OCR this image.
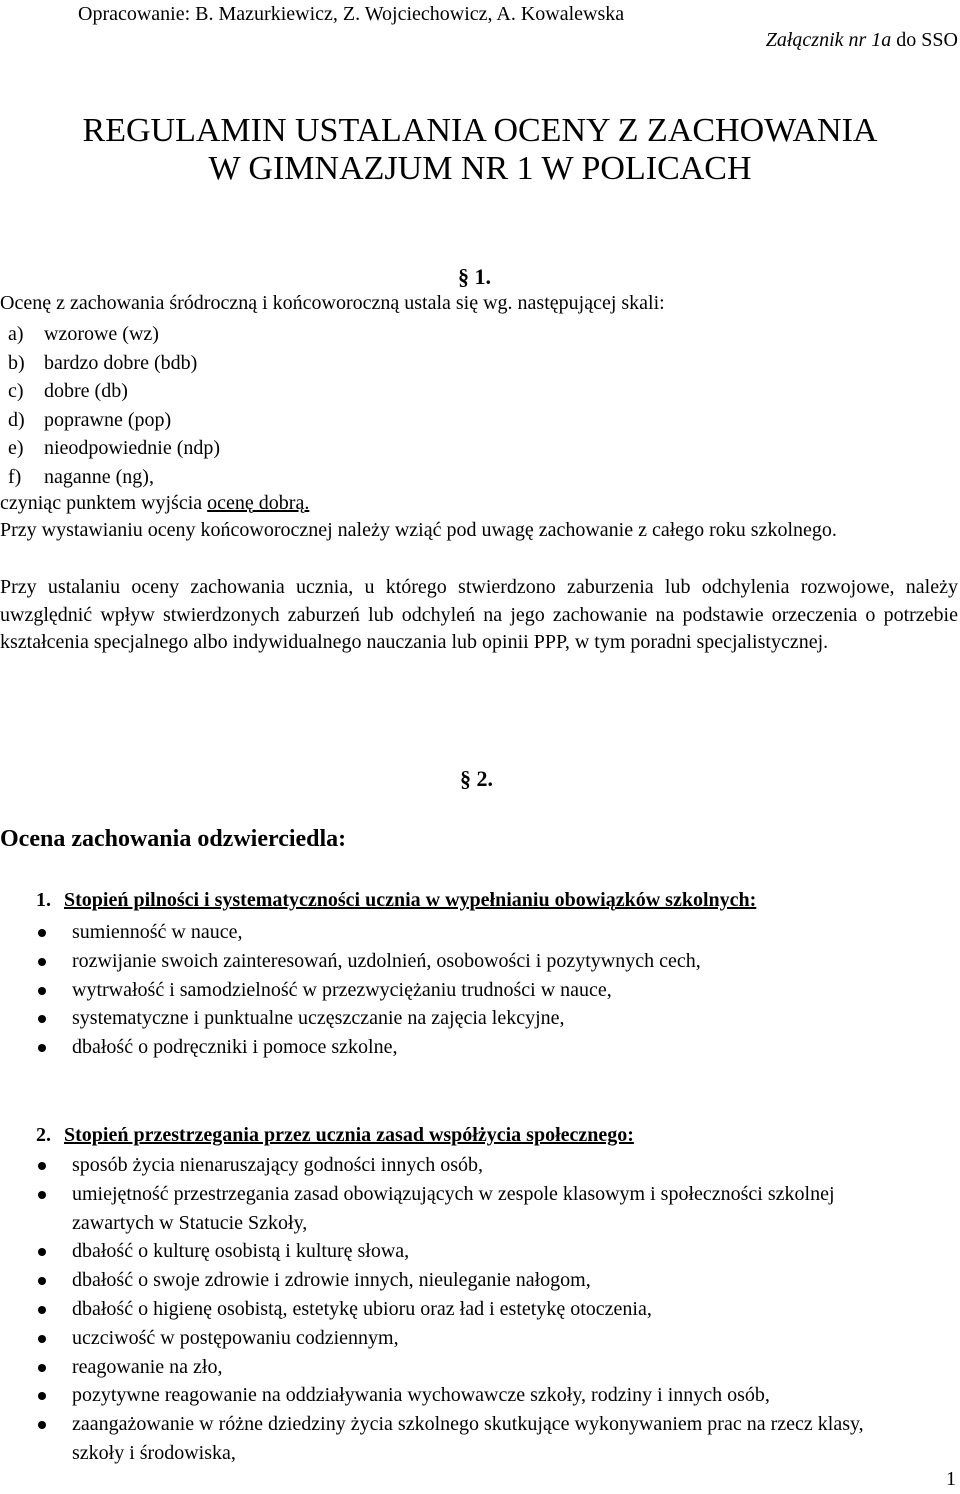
Opracowanie: B. Mazurkiewicz, Z. Wojciechowicz, A. Kowalewska
Załącznik nr 1a do SSO
REGULAMIN USTALANIA OCENY Z ZACHOWANIA
W GIMNAZJUM NR 1 W POLICACH
§ 1.
Ocenę z zachowania śródroczną i końcoworoczną ustala się wg. następującej skali:
a) wzorowe (wz)
b) bardzo dobre (bdb)
c) dobre (db)
d) poprawne (pop)
e) nieodpowiednie (ndp)
f) naganne (ng),
czyniąc punktem wyjścia ocenę dobrą.
Przy wystawianiu oceny końcoworocznej należy wziąć pod uwagę zachowanie z całego roku szkolnego.
Przy ustalaniu oceny zachowania ucznia, u którego stwierdzono zaburzenia lub odchylenia rozwojowe, należy uwzględnić wpływ stwierdzonych zaburzeń lub odchyleń na jego zachowanie na podstawie orzeczenia o potrzebie kształcenia specjalnego albo indywidualnego nauczania lub opinii PPP, w tym poradni specjalistycznej.
§ 2.
Ocena zachowania odzwierciedla:
1. Stopień pilności i systematyczności ucznia w wypełnianiu obowiązków szkolnych:
sumienność w nauce,
rozwijanie swoich zainteresowań, uzdolnień, osobowości i pozytywnych cech,
wytrwałość i samodzielność w przezwyciężaniu trudności w nauce,
systematyczne i punktualne uczęszczanie na zajęcia lekcyjne,
dbałość o podręczniki i pomoce szkolne,
2. Stopień przestrzegania przez ucznia zasad współżycia społecznego:
sposób życia nienaruszający godności innych osób,
umiejętność przestrzegania zasad obowiązujących w zespole klasowym i społeczności szkolnej zawartych w Statucie Szkoły,
dbałość o kulturę osobistą i kulturę słowa,
dbałość o swoje zdrowie i zdrowie innych, nieuleganie nałogom,
dbałość o higienę osobistą, estetykę ubioru oraz ład i estetykę otoczenia,
uczciwość w postępowaniu codziennym,
reagowanie na zło,
pozytywne reagowanie na oddziaływania wychowawcze szkoły, rodziny i innych osób,
zaangażowanie w różne dziedziny życia szkolnego skutkujące wykonywaniem prac na rzecz klasy, szkoły i środowiska,
1
